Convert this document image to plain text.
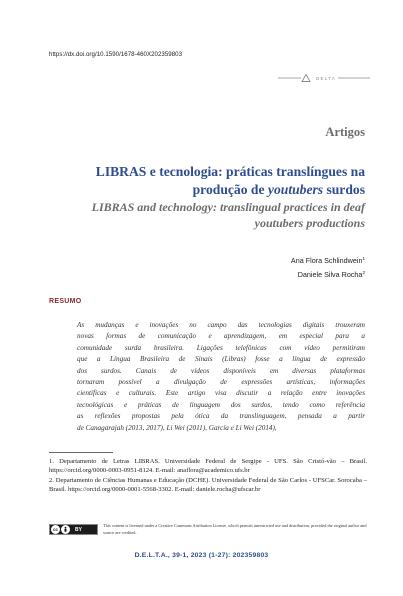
https://dx.doi.org/10.1590/1678-460X202359803
DELTA
Artigos
LIBRAS e tecnologia: práticas translíngues na
produção de youtubers surdos
LIBRAS and technology: translingual practices in deaf
youtubers productions
Ana Flora Schlindwein$^1$
Daniele Silva Rocha$^2$
RESUMO
As mudanças e inovações no campo das tecnologias digitais trouxeram
novas formas de comunicação e aprendizagem, em especial para a
comunidade surda brasileira. Ligações telefônicas com vídeo permitiram
que a Língua Brasileira de Sinais (Libras) fosse a língua de expressão
dos surdos. Canais de vídeos disponíveis em diversas plataformas
tornaram possível a divulgação de expressões artísticas, informações
científicas e culturais. Este artigo visa discutir a relação entre inovações
tecnológicas e práticas de linguagem dos surdos, tendo como referência
as reflexões propostas pela ótica da translinguagem, pensada a partir
de Canagarajah (2013, 2017), Li Wei (2011), García e Li Wei (2014),
1. Departamento de Letras LIBRAS. Universidade Federal de Sergipe - UFS. São Cristó-vão – Brasil. https://orcid.org/0000-0003-0951-8124. E-mail: anaflora@academico.ufs.br
2. Departamento de Ciências Humanas e Educação (DCHE). Universidade Federal de São Carlos - UFSCar. Sorocaba – Brasil. https://orcid.org/0000-0001-5568-3302. E-mail: daniele.rocha@ufscar.br
cc	BY
This content is licensed under a Creative Commons Attribution License, which permits unrestricted use and distribution, provided the original author and source are credited.
D.E.L.T.A., 39-1, 2023 (1-27): 202359803
